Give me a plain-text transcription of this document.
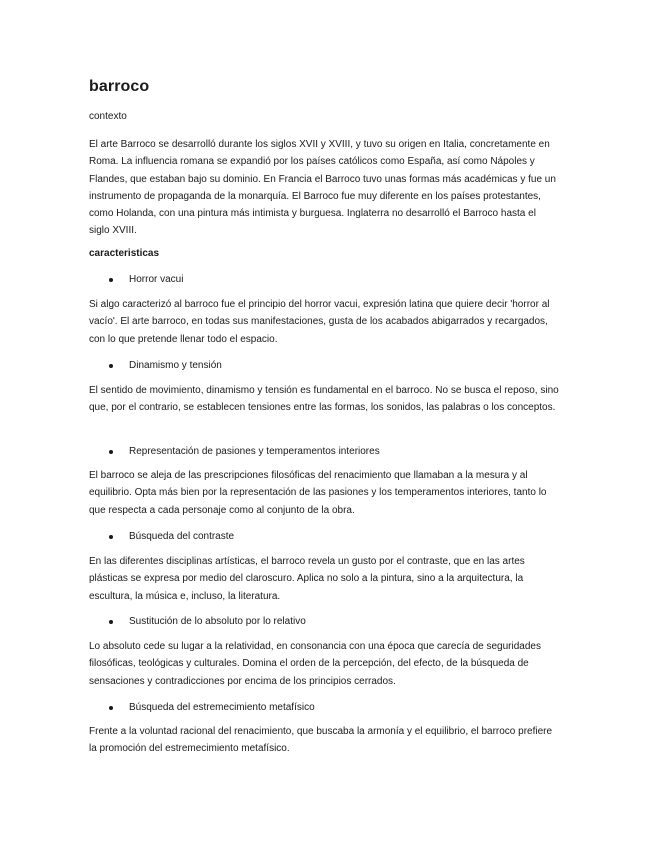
barroco

contexto

El arte Barroco se desarrolló durante los siglos XVII y XVIII, y tuvo su origen en Italia, concretamente en Roma. La influencia romana se expandió por los países católicos como España, así como Nápoles y Flandes, que estaban bajo su dominio. En Francia el Barroco tuvo unas formas más académicas y fue un instrumento de propaganda de la monarquía. El Barroco fue muy diferente en los países protestantes, como Holanda, con una pintura más intimista y burguesa. Inglaterra no desarrolló el Barroco hasta el siglo XVIII.

caracteristicas

Horror vacui

Si algo caracterizó al barroco fue el principio del horror vacui, expresión latina que quiere decir 'horror al vacío'. El arte barroco, en todas sus manifestaciones, gusta de los acabados abigarrados y recargados, con lo que pretende llenar todo el espacio.

Dinamismo y tensión

El sentido de movimiento, dinamismo y tensión es fundamental en el barroco. No se busca el reposo, sino que, por el contrario, se establecen tensiones entre las formas, los sonidos, las palabras o los conceptos.

Representación de pasiones y temperamentos interiores

El barroco se aleja de las prescripciones filosóficas del renacimiento que llamaban a la mesura y al equilibrio. Opta más bien por la representación de las pasiones y los temperamentos interiores, tanto lo que respecta a cada personaje como al conjunto de la obra.

Búsqueda del contraste

En las diferentes disciplinas artísticas, el barroco revela un gusto por el contraste, que en las artes plásticas se expresa por medio del claroscuro. Aplica no solo a la pintura, sino a la arquitectura, la escultura, la música e, incluso, la literatura.

Sustitución de lo absoluto por lo relativo

Lo absoluto cede su lugar a la relatividad, en consonancia con una época que carecía de seguridades filosóficas, teológicas y culturales. Domina el orden de la percepción, del efecto, de la búsqueda de sensaciones y contradicciones por encima de los principios cerrados.

Búsqueda del estremecimiento metafísico

Frente a la voluntad racional del renacimiento, que buscaba la armonía y el equilibrio, el barroco prefiere la promoción del estremecimiento metafísico.
